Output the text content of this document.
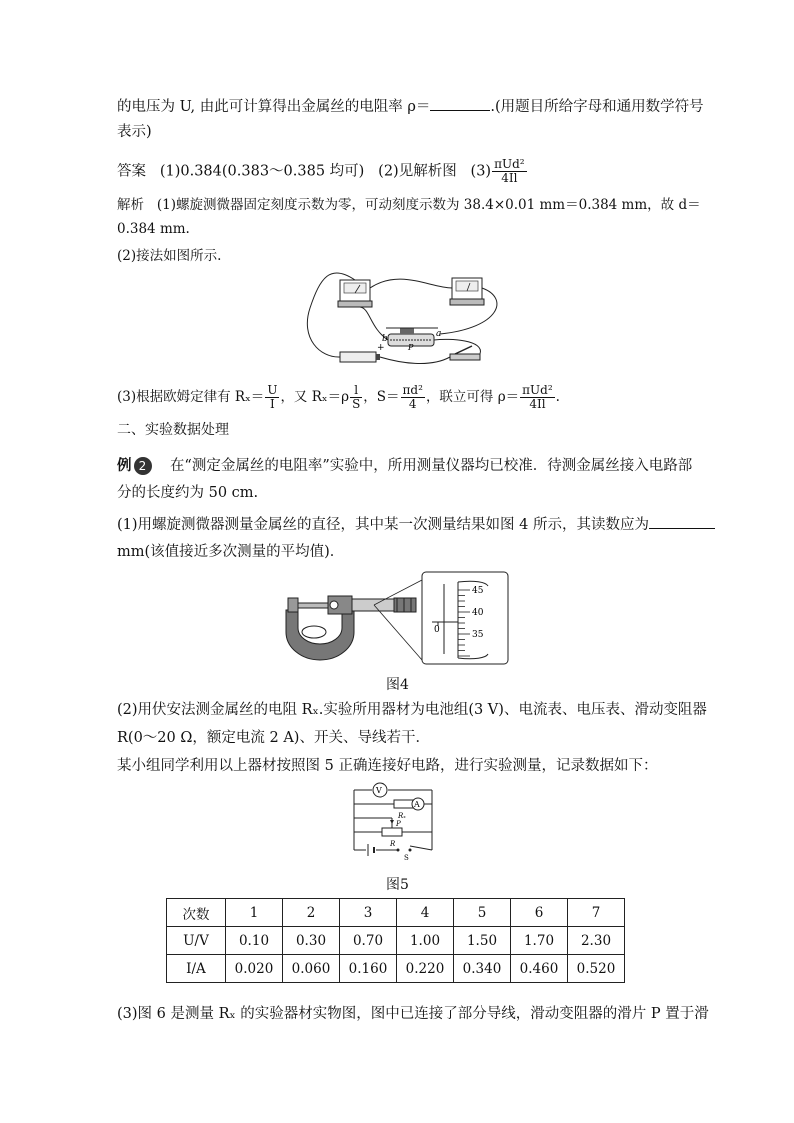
的电压为 U, 由此可计算得出金属丝的电阻率 ρ＝	.(用题目所给字母和通用数学符号
表示)
答案 (1)0.384(0.383～0.385 均可) (2)见解析图 $(3) \frac{\text{πUd²}}{4Il}$
解析 (1)螺旋测微器固定刻度示数为零，可动刻度示数为 38.4×0.01 mm＝0.384 mm，故 d＝
0.384 mm.
(2)接法如图所示.
b	a
P
+
(3)根据欧姆定律有 $R_x= \frac{U}{I}$ ，又 $R_x=\rho \frac{l}{S}$ ，$S= \frac{\text{πd²}}{4}$ ，联立可得 $\rho= \frac{\text{πUd²}}{4Il}$ .
二、实验数据处理
例 2 在“测定金属丝的电阻率”实验中，所用测量仪器均已校准．待测金属丝接入电路部
分的长度约为 50 cm.
(1)用螺旋测微器测量金属丝的直径，其中某一次测量结果如图 4 所示，其读数应为
mm(该值接近多次测量的平均值)．
0
45
40
35
图4
(2)用伏安法测金属丝的电阻 Rₓ.实验所用器材为电池组(3 V)、电流表、电压表、滑动变阻器
R(0～20 Ω，额定电流 2 A)、开关、导线若干．
某小组同学利用以上器材按照图 5 正确连接好电路，进行实验测量，记录数据如下：
V
A
Rₓ
R
P
S
图5
次数	1	2	3	4	5	6	7
U/V	0.10	0.30	0.70	1.00	1.50	1.70	2.30
I/A	0.020	0.060	0.160	0.220	0.340	0.460	0.520
(3)图 6 是测量 Rₓ 的实验器材实物图，图中已连接了部分导线，滑动变阻器的滑片 P 置于滑
